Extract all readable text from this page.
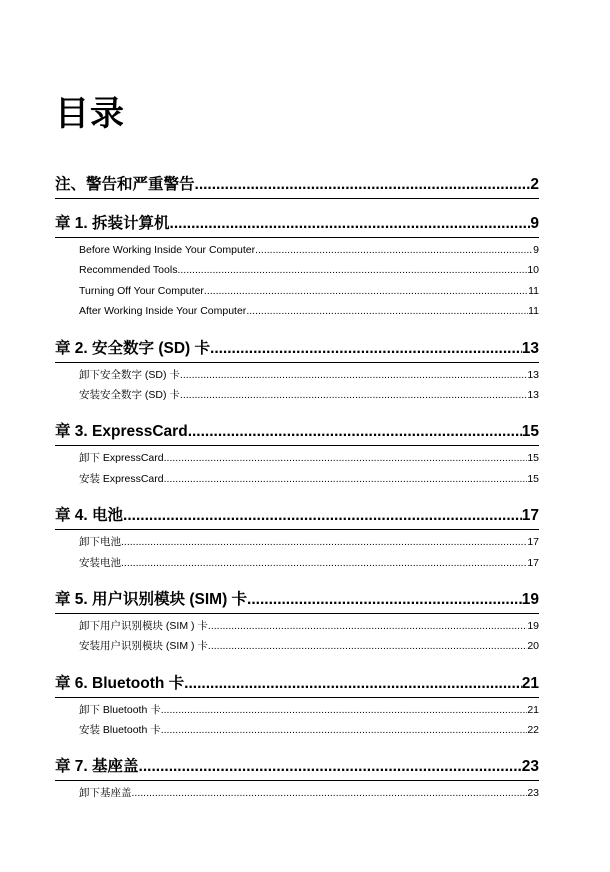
目录
注、警告和严重警告 .....	2
章 1. 拆装计算机 .....	9
Before Working Inside Your Computer .....	9
Recommended Tools .....	10
Turning Off Your Computer .....	11
After Working Inside Your Computer .....	11
章 2. 安全数字 (SD) 卡 .....	13
卸下安全数字 (SD) 卡 .....	13
安装安全数字 (SD) 卡 .....	13
章 3. ExpressCard .....	15
卸下 ExpressCard .....	15
安装 ExpressCard .....	15
章 4. 电池 .....	17
卸下电池 .....	17
安装电池 .....	17
章 5. 用户识别模块 (SIM) 卡 .....	19
卸下用户识别模块 (SIM ) 卡 .....	19
安装用户识别模块 (SIM ) 卡 .....	20
章 6. Bluetooth 卡 .....	21
卸下 Bluetooth 卡 .....	21
安装 Bluetooth 卡 .....	22
章 7. 基座盖 .....	23
卸下基座盖 .....	23
